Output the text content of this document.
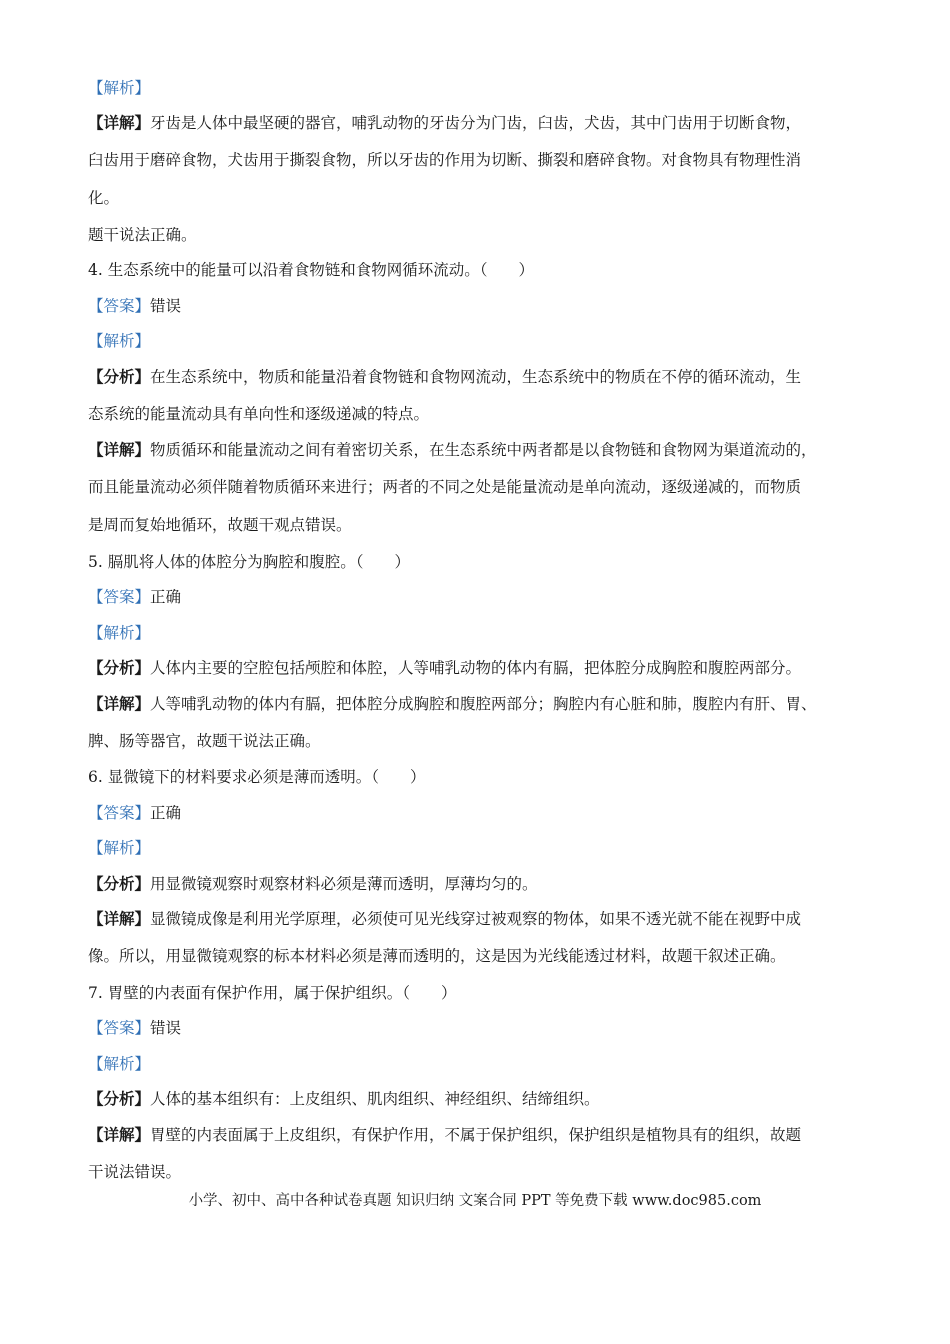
【解析】
【详解】 牙齿是人体中最坚硬的器官，哺乳动物的牙齿分为门齿，臼齿，犬齿，其中门齿用于切断食物，
臼齿用于磨碎食物，犬齿用于撕裂食物，所以牙齿的作用为切断、撕裂和磨碎食物。对食物具有物理性消
化。
题干说法正确。
4. 生态系统中的能量可以沿着食物链和食物网循环流动。（　　）
【答案】 错误
【解析】
【分析】 在生态系统中，物质和能量沿着食物链和食物网流动，生态系统中的物质在不停的循环流动，生
态系统的能量流动具有单向性和逐级递减的特点。
【详解】 物质循环和能量流动之间有着密切关系，在生态系统中两者都是以食物链和食物网为渠道流动的，
而且能量流动必须伴随着物质循环来进行；两者的不同之处是能量流动是单向流动，逐级递减的，而物质
是周而复始地循环，故题干观点错误。
5. 膈肌将人体的体腔分为胸腔和腹腔。（　　）
【答案】 正确
【解析】
【分析】 人体内主要的空腔包括颅腔和体腔，人等哺乳动物的体内有膈，把体腔分成胸腔和腹腔两部分。
【详解】 人等哺乳动物的体内有膈，把体腔分成胸腔和腹腔两部分；胸腔内有心脏和肺，腹腔内有肝、胃、
脾、肠等器官，故题干说法正确。
6. 显微镜下的材料要求必须是薄而透明。（　　）
【答案】 正确
【解析】
【分析】 用显微镜观察时观察材料必须是薄而透明，厚薄均匀的。
【详解】 显微镜成像是利用光学原理，必须使可见光线穿过被观察的物体，如果不透光就不能在视野中成
像。所以，用显微镜观察的标本材料必须是薄而透明的，这是因为光线能透过材料，故题干叙述正确。
7. 胃壁的内表面有保护作用，属于保护组织。（　　）
【答案】 错误
【解析】
【分析】 人体的基本组织有：上皮组织、肌肉组织、神经组织、结缔组织。
【详解】 胃壁的内表面属于上皮组织，有保护作用，不属于保护组织，保护组织是植物具有的组织，故题
干说法错误。
小学、初中、高中各种试卷真题 知识归纳 文案合同 PPT 等免费下载 www.doc985.com
